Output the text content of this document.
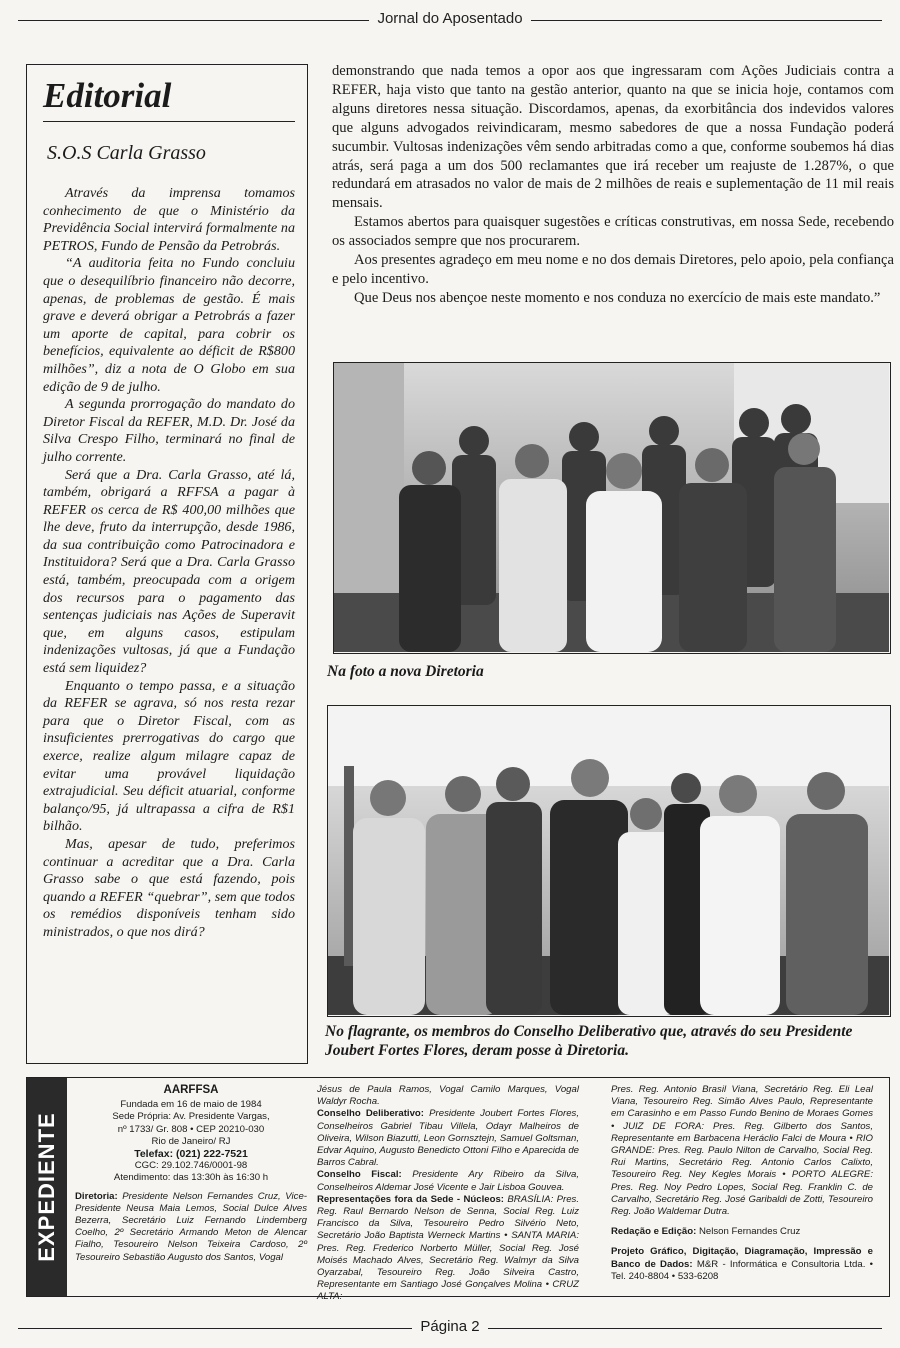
Jornal do Aposentado
Editorial
S.O.S Carla Grasso

Através da imprensa tomamos conhecimento de que o Ministério da Previdência Social intervirá formalmente na PETROS, Fundo de Pensão da Petrobrás.

“A auditoria feita no Fundo concluiu que o desequilíbrio financeiro não decorre, apenas, de problemas de gestão. É mais grave e deverá obrigar a Petrobrás a fazer um aporte de capital, para cobrir os benefícios, equivalente ao déficit de R$800 milhões”, diz a nota de O Globo em sua edição de 9 de julho.

A segunda prorrogação do mandato do Diretor Fiscal da REFER, M.D. Dr. José da Silva Crespo Filho, terminará no final de julho corrente.

Será que a Dra. Carla Grasso, até lá, também, obrigará a RFFSA a pagar à REFER os cerca de R$ 400,00 milhões que lhe deve, fruto da interrupção, desde 1986, da sua contribuição como Patrocinadora e Instituidora? Será que a Dra. Carla Grasso está, também, preocupada com a origem dos recursos para o pagamento das sentenças judiciais nas Ações de Superavit que, em alguns casos, estipulam indenizações vultosas, já que a Fundação está sem liquidez?

Enquanto o tempo passa, e a situação da REFER se agrava, só nos resta rezar para que o Diretor Fiscal, com as insuficientes prerrogativas do cargo que exerce, realize algum milagre capaz de evitar uma provável liquidação extrajudicial. Seu déficit atuarial, conforme balanço/95, já ultrapassa a cifra de R$1 bilhão.

Mas, apesar de tudo, preferimos continuar a acreditar que a Dra. Carla Grasso sabe o que está fazendo, pois quando a REFER “quebrar”, sem que todos os remédios disponíveis tenham sido ministrados, o que nos dirá?

demonstrando que nada temos a opor aos que ingressaram com Ações Judiciais contra a REFER, haja visto que tanto na gestão anterior, quanto na que se inicia hoje, contamos com alguns diretores nessa situação. Discordamos, apenas, da exorbitância dos indevidos valores que alguns advogados reivindicaram, mesmo sabedores de que a nossa Fundação poderá sucumbir. Vultosas indenizações vêm sendo arbitradas como a que, conforme soubemos há dias atrás, será paga a um dos 500 reclamantes que irá receber um reajuste de 1.287%, o que redundará em atrasados no valor de mais de 2 milhões de reais e suplementação de 11 mil reais mensais.

Estamos abertos para quaisquer sugestões e críticas construtivas, em nossa Sede, recebendo os associados sempre que nos procurarem.

Aos presentes agradeço em meu nome e no dos demais Diretores, pelo apoio, pela confiança e pelo incentivo.

Que Deus nos abençoe neste momento e nos conduza no exercício de mais este mandato.”

Na foto a nova Diretoria
No flagrante, os membros do Conselho Deliberativo que, através do seu Presidente Joubert Fortes Flores, deram posse à Diretoria.
EXPEDIENTE

AARFFSA

Fundada em 16 de maio de 1984

Sede Própria: Av. Presidente Vargas,

nº 1733/ Gr. 808 • CEP 20210-030

Rio de Janeiro/ RJ

Telefax: (021) 222-7521

CGC: 29.102.746/0001-98

Atendimento: das 13:30h às 16:30 h

Diretoria: Presidente Nelson Fernandes Cruz, Vice-Presidente Neusa Maia Lemos, Social Dulce Alves Bezerra, Secretário Luiz Fernando Lindemberg Coelho, 2º Secretário Armando Meton de Alencar Fialho, Tesoureiro Nelson Teixeira Cardoso, 2º Tesoureiro Sebastião Augusto dos Santos, Vogal

Jésus de Paula Ramos, Vogal Camilo Marques, Vogal Waldyr Rocha.

Conselho Deliberativo: Presidente Joubert Fortes Flores, Conselheiros Gabriel Tibau Villela, Odayr Malheiros de Oliveira, Wilson Biazutti, Leon Gornsztejn, Samuel Goltsman, Edvar Aquino, Augusto Benedicto Ottoni Filho e Aparecida de Barros Cabral.

Conselho Fiscal: Presidente Ary Ribeiro da Silva, Conselheiros Aldemar José Vicente e Jair Lisboa Gouvea.

Representações fora da Sede - Núcleos: BRASÍLIA: Pres. Reg. Raul Bernardo Nelson de Senna, Social Reg. Luiz Francisco da Silva, Tesoureiro Pedro Silvério Neto, Secretário João Baptista Werneck Martins • SANTA MARIA: Pres. Reg. Frederico Norberto Müller, Social Reg. José Moisés Machado Alves, Secretário Reg. Walmyr da Silva Oyarzabal, Tesoureiro Reg. João Silveira Castro, Representante em Santiago José Gonçalves Molina • CRUZ ALTA:

Pres. Reg. Antonio Brasil Viana, Secretário Reg. Eli Leal Viana, Tesoureiro Reg. Simão Alves Paulo, Representante em Carasinho e em Passo Fundo Benino de Moraes Gomes • JUIZ DE FORA: Pres. Reg. Gilberto dos Santos, Representante em Barbacena Heráclio Falci de Moura • RIO GRANDE: Pres. Reg. Paulo Nilton de Carvalho, Social Reg. Rui Martins, Secretário Reg. Antonio Carlos Calixto, Tesoureiro Reg. Ney Kegles Morais • PORTO ALEGRE: Pres. Reg. Noy Pedro Lopes, Social Reg. Franklin C. de Carvalho, Secretário Reg. José Garibaldi de Zotti, Tesoureiro Reg. João Waldemar Dutra.

Redação e Edição: Nelson Fernandes Cruz

Projeto Gráfico, Digitação, Diagramação, Impressão e Banco de Dados: M&R - Informática e Consultoria Ltda. • Tel. 240-8804 • 533-6208

Página 2
